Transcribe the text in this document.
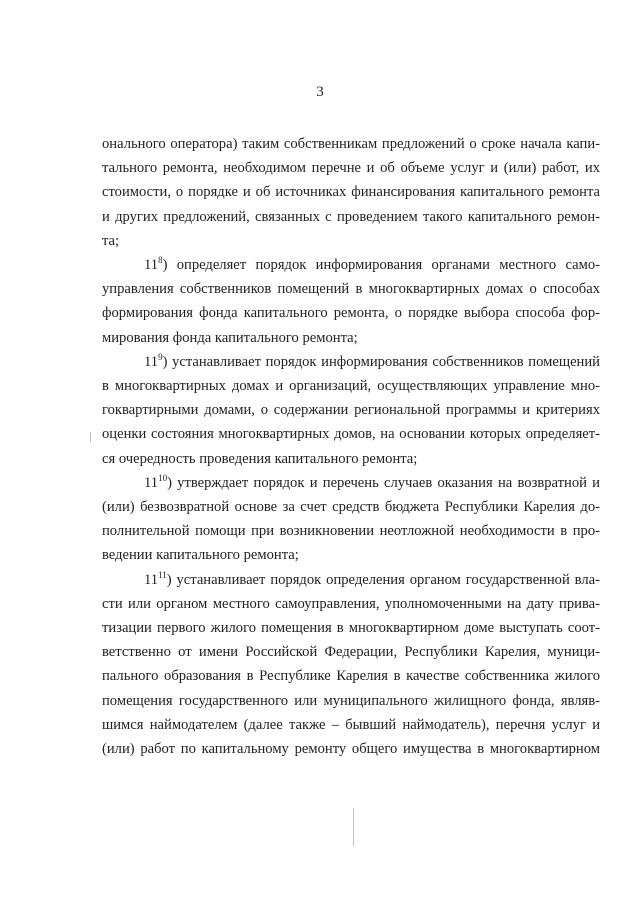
3
онального оператора) таким собственникам предложений о сроке начала капи-
тального ремонта, необходимом перечне и об объеме услуг и (или) работ, их
стоимости, о порядке и об источниках финансирования капитального ремонта
и других предложений, связанных с проведением такого капитального ремон-
та;
$11^8$) определяет порядок информирования органами местного само-
управления собственников помещений в многоквартирных домах о способах
формирования фонда капитального ремонта, о порядке выбора способа фор-
мирования фонда капитального ремонта;
$11^9$) устанавливает порядок информирования собственников помещений
в многоквартирных домах и организаций, осуществляющих управление мно-
гоквартирными домами, о содержании региональной программы и критериях
оценки состояния многоквартирных домов, на основании которых определяет-
ся очередность проведения капитального ремонта;
$11^{10}$) утверждает порядок и перечень случаев оказания на возвратной и
(или) безвозвратной основе за счет средств бюджета Республики Карелия до-
полнительной помощи при возникновении неотложной необходимости в про-
ведении капитального ремонта;
$11^{11}$) устанавливает порядок определения органом государственной вла-
сти или органом местного самоуправления, уполномоченными на дату прива-
тизации первого жилого помещения в многоквартирном доме выступать соот-
ветственно от имени Российской Федерации, Республики Карелия, муници-
пального образования в Республике Карелия в качестве собственника жилого
помещения государственного или муниципального жилищного фонда, являв-
шимся наймодателем (далее также – бывший наймодатель), перечня услуг и
(или) работ по капитальному ремонту общего имущества в многоквартирном
